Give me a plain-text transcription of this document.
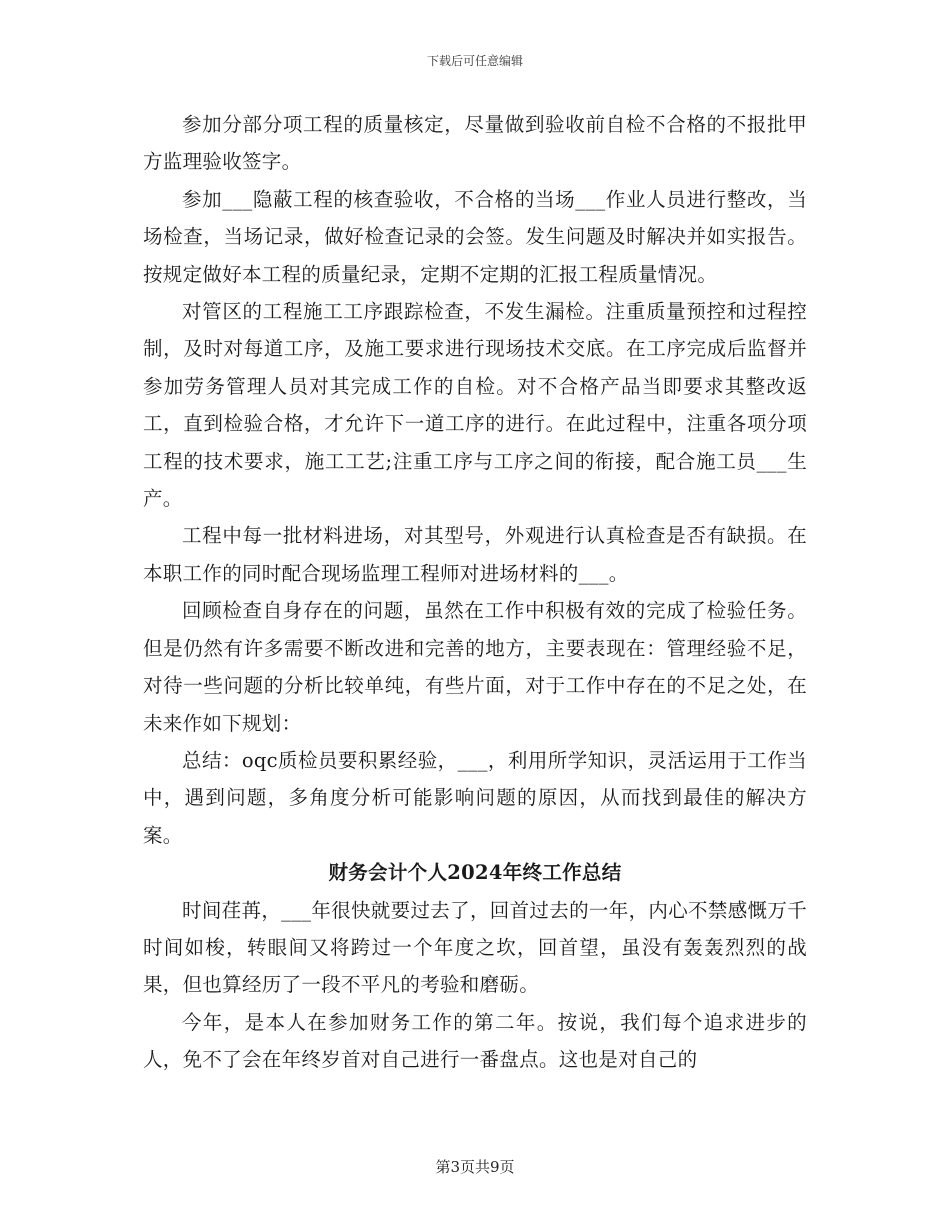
下载后可任意编辑

参加分部分项工程的质量核定，尽量做到验收前自检不合格的不报批甲方监理验收签字。

参加___隐蔽工程的核查验收，不合格的当场___作业人员进行整改，当场检查，当场记录，做好检查记录的会签。发生问题及时解决并如实报告。按规定做好本工程的质量纪录，定期不定期的汇报工程质量情况。

对管区的工程施工工序跟踪检查，不发生漏检。注重质量预控和过程控制，及时对每道工序，及施工要求进行现场技术交底。在工序完成后监督并参加劳务管理人员对其完成工作的自检。对不合格产品当即要求其整改返工，直到检验合格，才允许下一道工序的进行。在此过程中，注重各项分项工程的技术要求，施工工艺;注重工序与工序之间的衔接，配合施工员___生产。

工程中每一批材料进场，对其型号，外观进行认真检查是否有缺损。在本职工作的同时配合现场监理工程师对进场材料的___。

回顾检查自身存在的问题，虽然在工作中积极有效的完成了检验任务。但是仍然有许多需要不断改进和完善的地方，主要表现在：管理经验不足，对待一些问题的分析比较单纯，有些片面，对于工作中存在的不足之处，在未来作如下规划：

总结：oqc质检员要积累经验，___，利用所学知识，灵活运用于工作当中，遇到问题，多角度分析可能影响问题的原因，从而找到最佳的解决方案。

财务会计个人2024年终工作总结

时间荏苒，___年很快就要过去了，回首过去的一年，内心不禁感慨万千时间如梭，转眼间又将跨过一个年度之坎，回首望，虽没有轰轰烈烈的战果，但也算经历了一段不平凡的考验和磨砺。

今年，是本人在参加财务工作的第二年。按说，我们每个追求进步的人，免不了会在年终岁首对自己进行一番盘点。这也是对自己的

第3页共9页
